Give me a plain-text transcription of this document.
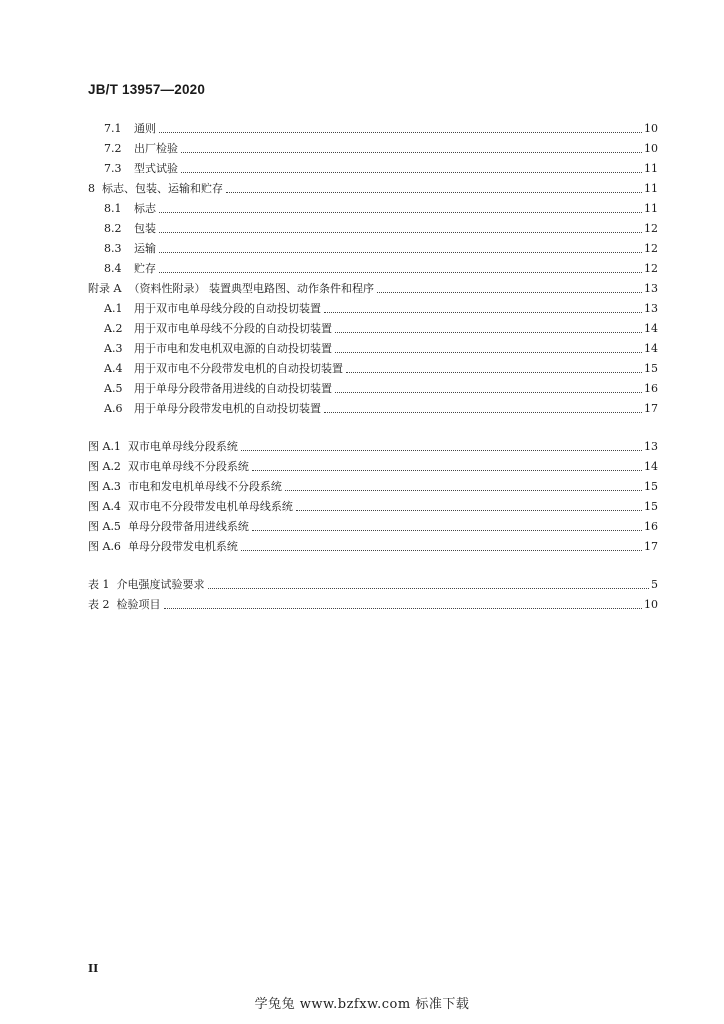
JB/T 13957—2020
7.1	通则	10
7.2	出厂检验	10
7.3	型式试验	11
8 标志、包装、运输和贮存	11
8.1	标志	11
8.2	包装	12
8.3	运输	12
8.4	贮存	12
附录 A （资料性附录） 装置典型电路图、动作条件和程序	13
A.1	用于双市电单母线分段的自动投切装置	13
A.2	用于双市电单母线不分段的自动投切装置	14
A.3	用于市电和发电机双电源的自动投切装置	14
A.4	用于双市电不分段带发电机的自动投切装置	15
A.5	用于单母分段带备用进线的自动投切装置	16
A.6	用于单母分段带发电机的自动投切装置	17
图 A.1 双市电单母线分段系统	13
图 A.2 双市电单母线不分段系统	14
图 A.3 市电和发电机单母线不分段系统	15
图 A.4 双市电不分段带发电机单母线系统	15
图 A.5 单母分段带备用进线系统	16
图 A.6 单母分段带发电机系统	17
表 1 介电强度试验要求	5
表 2 检验项目	10
II
学兔兔 www.bzfxw.com 标准下载
